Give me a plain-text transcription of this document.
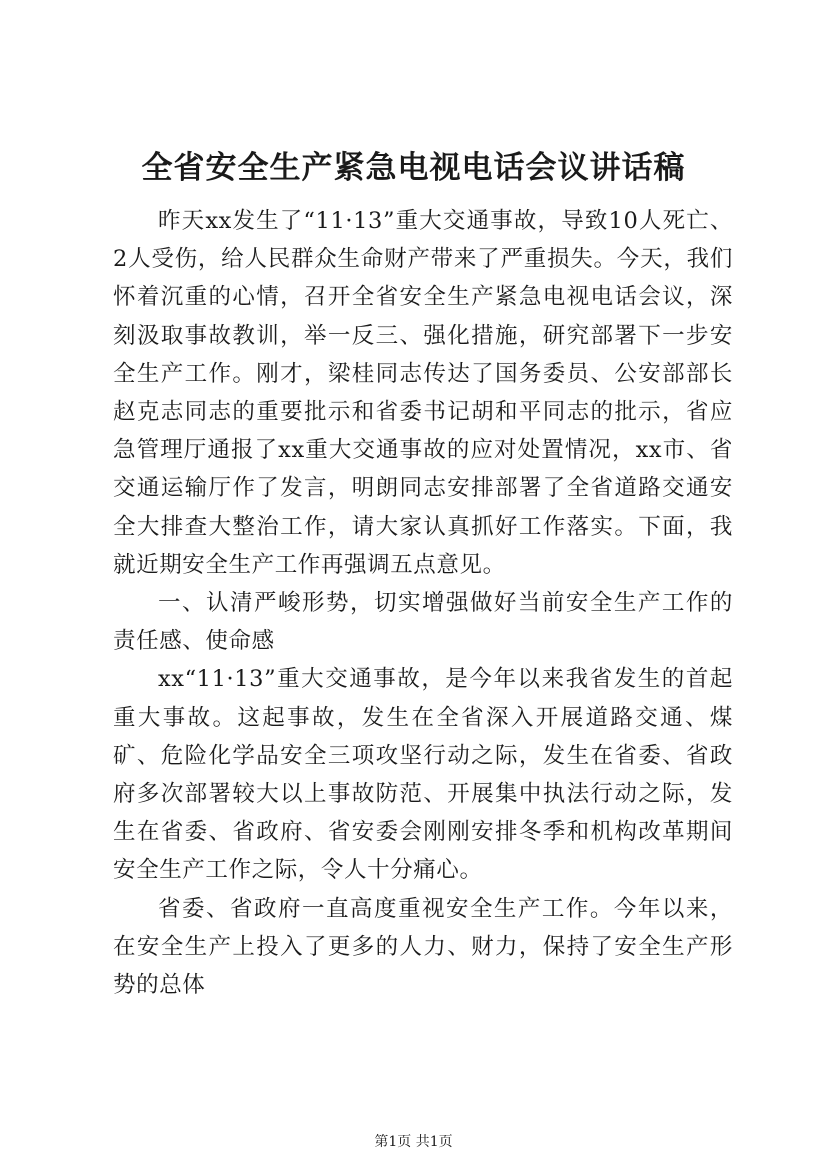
全省安全生产紧急电视电话会议讲话稿

昨天xx发生了“11·13”重大交通事故，导致10人死亡、2人受伤，给人民群众生命财产带来了严重损失。今天，我们怀着沉重的心情，召开全省安全生产紧急电视电话会议，深刻汲取事故教训，举一反三、强化措施，研究部署下一步安全生产工作。刚才，梁桂同志传达了国务委员、公安部部长赵克志同志的重要批示和省委书记胡和平同志的批示，省应急管理厅通报了xx重大交通事故的应对处置情况，xx市、省交通运输厅作了发言，明朗同志安排部署了全省道路交通安全大排查大整治工作，请大家认真抓好工作落实。下面，我就近期安全生产工作再强调五点意见。

一、认清严峻形势，切实增强做好当前安全生产工作的责任感、使命感

xx“11·13”重大交通事故，是今年以来我省发生的首起重大事故。这起事故，发生在全省深入开展道路交通、煤矿、危险化学品安全三项攻坚行动之际，发生在省委、省政府多次部署较大以上事故防范、开展集中执法行动之际，发生在省委、省政府、省安委会刚刚安排冬季和机构改革期间安全生产工作之际，令人十分痛心。

省委、省政府一直高度重视安全生产工作。今年以来，在安全生产上投入了更多的人力、财力，保持了安全生产形势的总体

第1页 共1页
